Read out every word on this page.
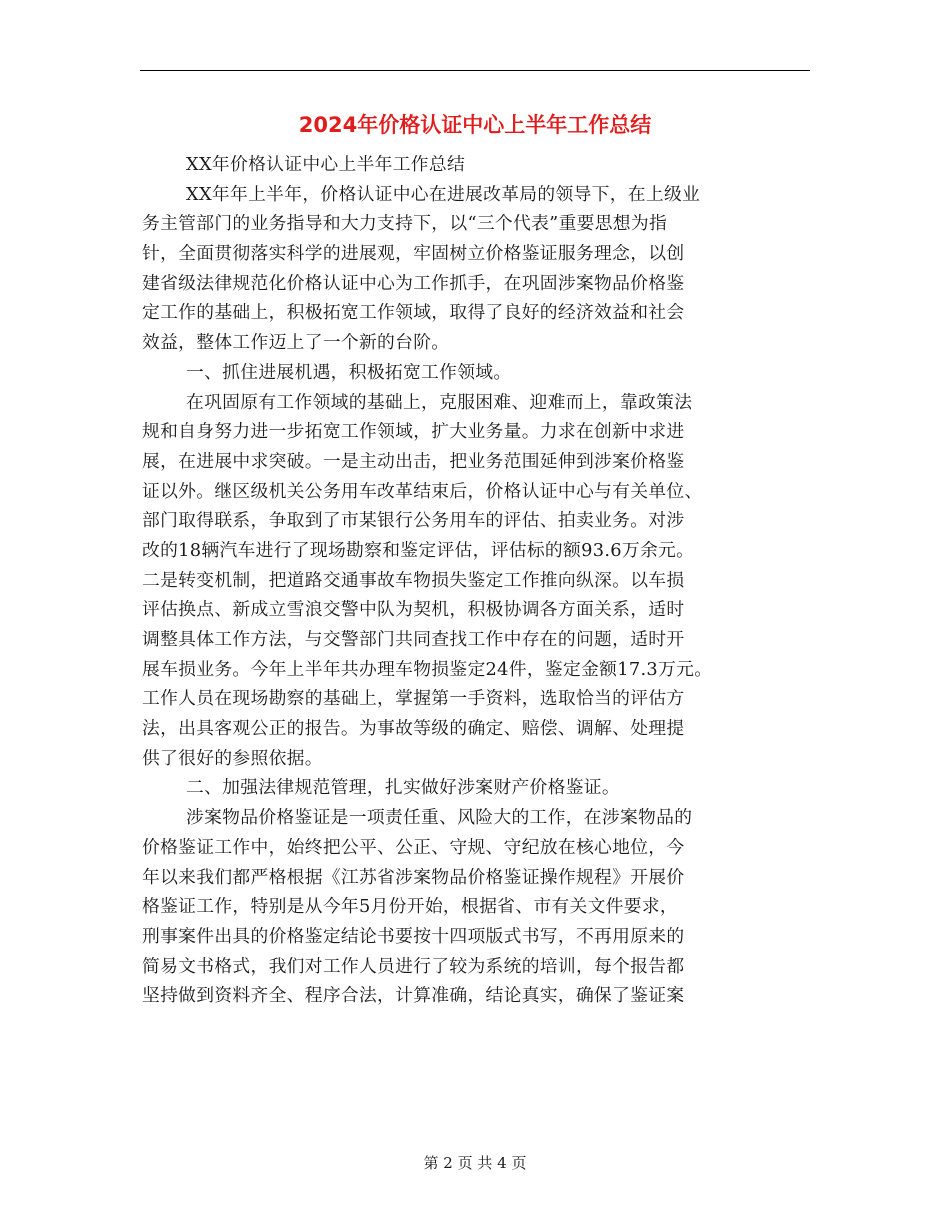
2024年价格认证中心上半年工作总结
XX年价格认证中心上半年工作总结
XX年年上半年，价格认证中心在进展改革局的领导下，在上级业
务主管部门的业务指导和大力支持下，以“三个代表”重要思想为指
针，全面贯彻落实科学的进展观，牢固树立价格鉴证服务理念，以创
建省级法律规范化价格认证中心为工作抓手，在巩固涉案物品价格鉴
定工作的基础上，积极拓宽工作领域，取得了良好的经济效益和社会
效益，整体工作迈上了一个新的台阶。
一、抓住进展机遇，积极拓宽工作领域。
在巩固原有工作领域的基础上，克服困难、迎难而上，靠政策法
规和自身努力进一步拓宽工作领域，扩大业务量。力求在创新中求进
展，在进展中求突破。一是主动出击，把业务范围延伸到涉案价格鉴
证以外。继区级机关公务用车改革结束后，价格认证中心与有关单位、
部门取得联系，争取到了市某银行公务用车的评估、拍卖业务。对涉
改的18辆汽车进行了现场勘察和鉴定评估，评估标的额93.6万余元。
二是转变机制，把道路交通事故车物损失鉴定工作推向纵深。以车损
评估换点、新成立雪浪交警中队为契机，积极协调各方面关系，适时
调整具体工作方法，与交警部门共同查找工作中存在的问题，适时开
展车损业务。今年上半年共办理车物损鉴定24件，鉴定金额17.3万元。
工作人员在现场勘察的基础上，掌握第一手资料，选取恰当的评估方
法，出具客观公正的报告。为事故等级的确定、赔偿、调解、处理提
供了很好的参照依据。
二、加强法律规范管理，扎实做好涉案财产价格鉴证。
涉案物品价格鉴证是一项责任重、风险大的工作，在涉案物品的
价格鉴证工作中，始终把公平、公正、守规、守纪放在核心地位，今
年以来我们都严格根据《江苏省涉案物品价格鉴证操作规程》开展价
格鉴证工作，特别是从今年5月份开始，根据省、市有关文件要求，
刑事案件出具的价格鉴定结论书要按十四项版式书写，不再用原来的
简易文书格式，我们对工作人员进行了较为系统的培训，每个报告都
坚持做到资料齐全、程序合法，计算准确，结论真实，确保了鉴证案
第 2 页 共 4 页
